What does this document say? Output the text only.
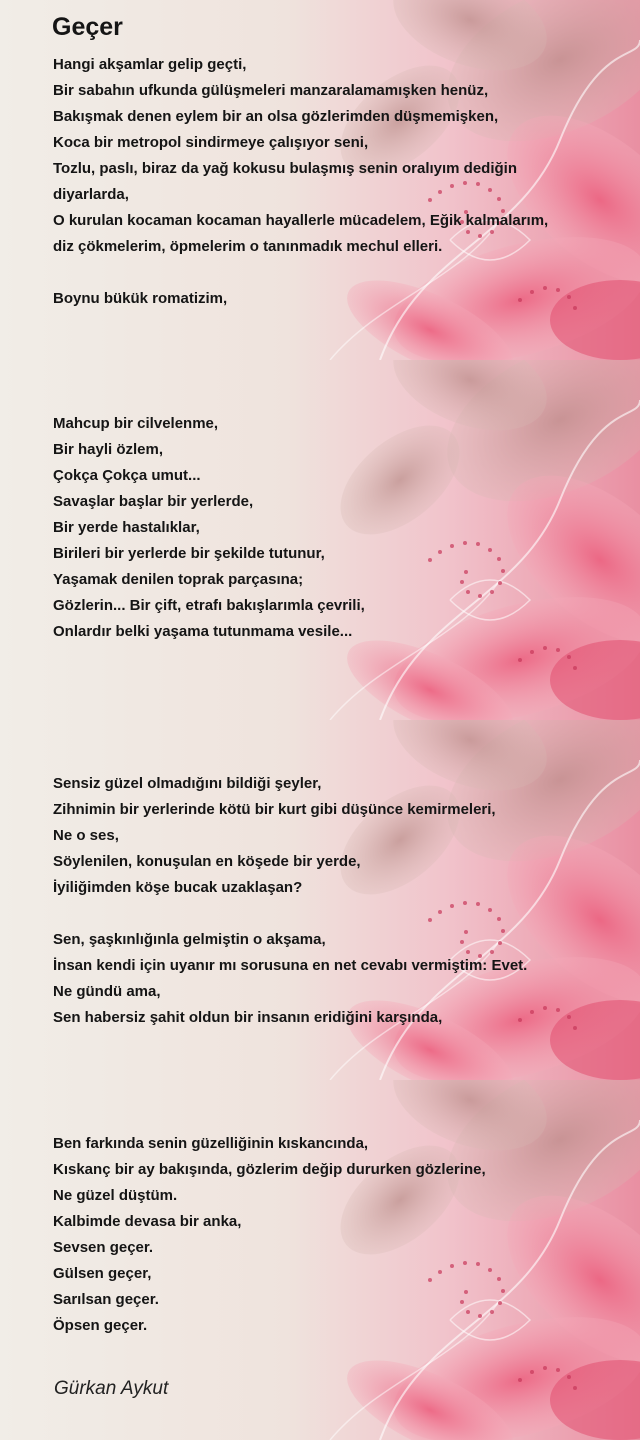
Geçer
Hangi akşamlar gelip geçti,
Bir sabahın ufkunda gülüşmeleri manzaralamamışken henüz,
Bakışmak denen eylem bir an olsa gözlerimden düşmemişken,
Koca bir metropol sindirmeye çalışıyor seni,
Tozlu, paslı, biraz da yağ kokusu bulaşmış senin oralıyım dediğin
diyarlarda,
O kurulan kocaman kocaman hayallerle mücadelem, Eğik kalmalarım,
diz çökmelerim, öpmelerim o tanınmadık mechul elleri.
Boynu bükük romatizim,
Mahcup bir cilvelenme,
Bir hayli özlem,
Çokça Çokça umut...
Savaşlar başlar bir yerlerde,
Bir yerde hastalıklar,
Birileri bir yerlerde bir şekilde tutunur,
Yaşamak denilen toprak parçasına;
Gözlerin... Bir çift, etrafı bakışlarımla çevrili,
Onlardır belki yaşama tutunmama vesile...
Sensiz güzel olmadığını bildiği şeyler,
Zihnimin bir yerlerinde kötü bir kurt gibi düşünce kemirmeleri,
Ne o ses,
Söylenilen, konuşulan en köşede bir yerde,
İyiliğimden köşe bucak uzaklaşan?
Sen, şaşkınlığınla gelmiştin o akşama,
İnsan kendi için uyanır mı sorusuna en net cevabı vermiştim: Evet.
Ne gündü ama,
Sen habersiz şahit oldun bir insanın eridiğini karşında,
Ben farkında senin güzelliğinin kıskancında,
Kıskanç bir ay bakışında, gözlerim değip dururken gözlerine,
Ne güzel düştüm.
Kalbimde devasa bir anka,
Sevsen geçer.
Gülsen geçer,
Sarılsan geçer.
Öpsen geçer.
Gürkan Aykut
